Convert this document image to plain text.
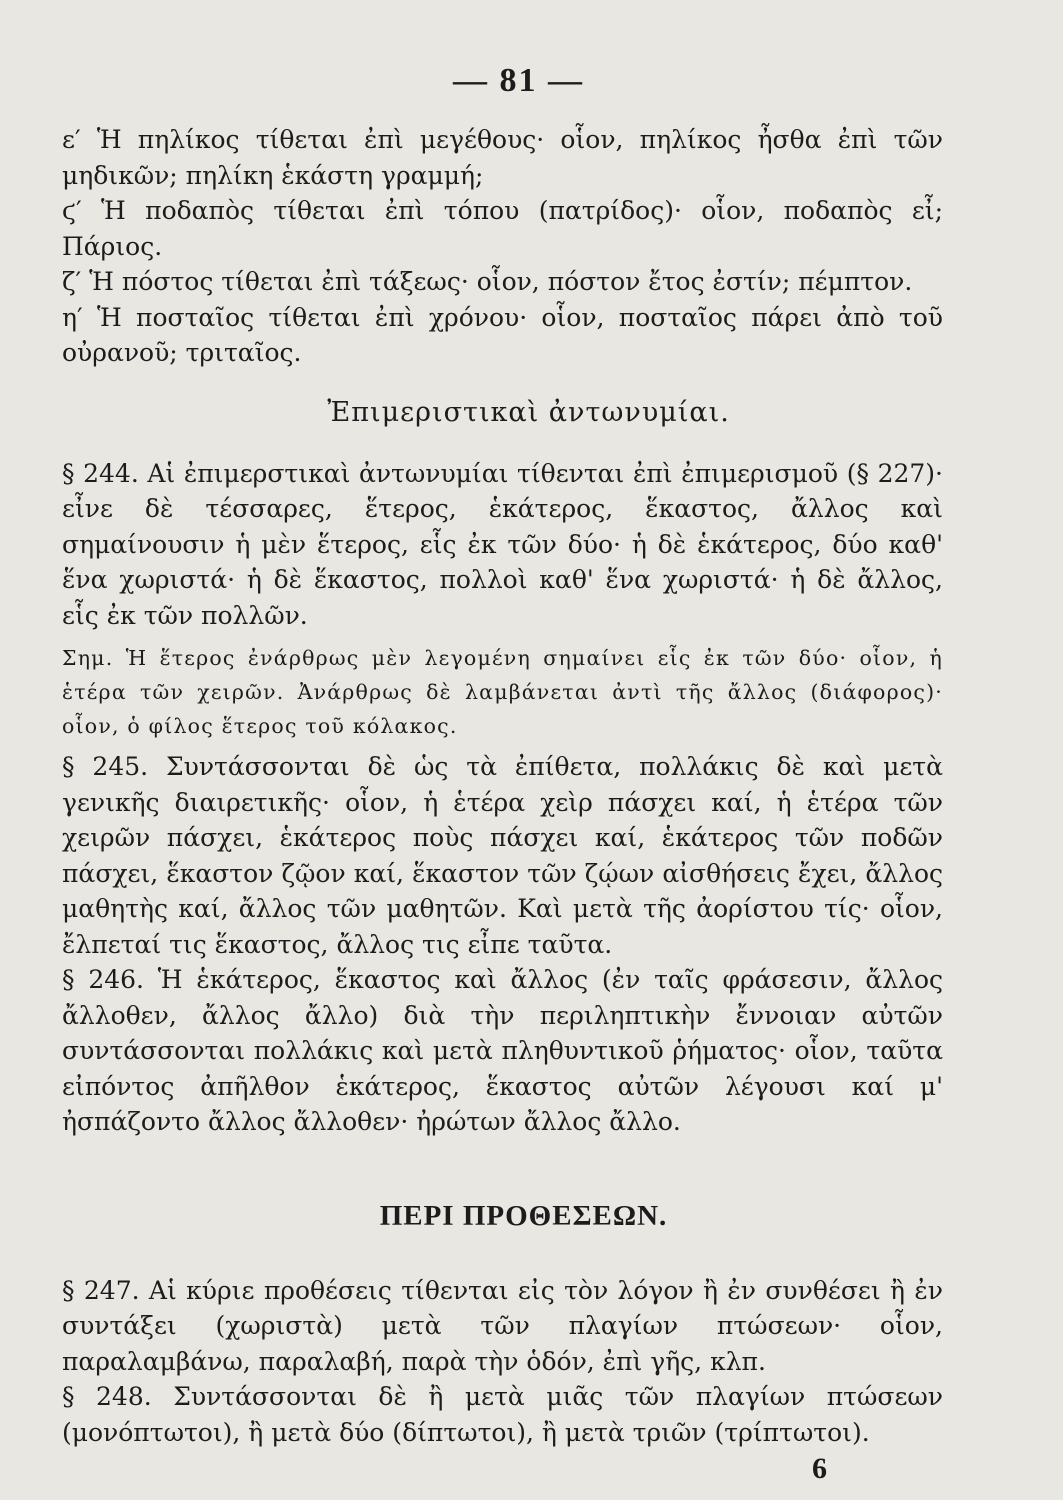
— 81 —

ε′ Ἡ πηλίκος τίθεται ἐπὶ μεγέθους· οἷον, πηλίκος ἦσθα ἐπὶ τῶν μηδικῶν; πηλίκη ἑκάστη γραμμή;

ϛ′ Ἡ ποδαπὸς τίθεται ἐπὶ τόπου (πατρίδος)· οἷον, ποδαπὸς εἶ; Πάριος.

ζ′ Ἡ πόστος τίθεται ἐπὶ τάξεως· οἷον, πόστον ἔτος ἐστίν; πέμπτον.

η′ Ἡ ποσταῖος τίθεται ἐπὶ χρόνου· οἷον, ποσταῖος πάρει ἀπὸ τοῦ οὐρανοῦ; τριταῖος.

Ἐπιμεριστικαὶ ἀντωνυμίαι.

§ 244. Αἱ ἐπιμερστικαὶ ἀντωνυμίαι τίθενται ἐπὶ ἐπιμερισμοῦ (§ 227)· εἶνε δὲ τέσσαρες, ἕτερος, ἑκάτερος, ἕκαστος, ἄλλος καὶ σημαίνουσιν ἡ μὲν ἕτερος, εἷς ἐκ τῶν δύο· ἡ δὲ ἑκάτερος, δύο καθ' ἕνα χωριστά· ἡ δὲ ἕκαστος, πολλοὶ καθ' ἕνα χωριστά· ἡ δὲ ἄλλος, εἷς ἐκ τῶν πολλῶν.

Σημ. Ἡ ἕτερος ἐνάρθρως μὲν λεγομένη σημαίνει εἷς ἐκ τῶν δύο· οἷον, ἡ ἑτέρα τῶν χειρῶν. Ἀνάρθρως δὲ λαμβάνεται ἀντὶ τῆς ἄλλος (διάφορος)· οἷον, ὁ φίλος ἕτερος τοῦ κόλακος.

§ 245. Συντάσσονται δὲ ὡς τὰ ἐπίθετα, πολλάκις δὲ καὶ μετὰ γενικῆς διαιρετικῆς· οἷον, ἡ ἑτέρα χεὶρ πάσχει καί, ἡ ἑτέρα τῶν χειρῶν πάσχει, ἑκάτερος ποὺς πάσχει καί, ἑκάτερος τῶν ποδῶν πάσχει, ἕκαστον ζῷον καί, ἕκαστον τῶν ζῴων αἰσθήσεις ἔχει, ἄλλος μαθητὴς καί, ἄλλος τῶν μαθητῶν. Καὶ μετὰ τῆς ἀορίστου τίς· οἷον, ἔλπεταί τις ἕκαστος, ἄλλος τις εἶπε ταῦτα.

§ 246. Ἡ ἑκάτερος, ἕκαστος καὶ ἄλλος (ἐν ταῖς φράσεσιν, ἄλλος ἄλλοθεν, ἄλλος ἄλλο) διὰ τὴν περιληπτικὴν ἔννοιαν αὐτῶν συντάσσονται πολλάκις καὶ μετὰ πληθυντικοῦ ῥήματος· οἷον, ταῦτα εἰπόντος ἀπῆλθον ἑκάτερος, ἕκαστος αὐτῶν λέγουσι καί μ' ἠσπάζοντο ἄλλος ἄλλοθεν· ἠρώτων ἄλλος ἄλλο.

ΠΕΡΙ ΠΡΟΘΕΣΕΩΝ.

§ 247. Αἱ κύριε προθέσεις τίθενται εἰς τὸν λόγον ἢ ἐν συνθέσει ἢ ἐν συντάξει (χωριστὰ) μετὰ τῶν πλαγίων πτώσεων· οἷον, παραλαμβάνω, παραλαβή, παρὰ τὴν ὁδόν, ἐπὶ γῆς, κλπ.

§ 248. Συντάσσονται δὲ ἢ μετὰ μιᾶς τῶν πλαγίων πτώσεων (μονόπτωτοι), ἢ μετὰ δύο (δίπτωτοι), ἢ μετὰ τριῶν (τρίπτωτοι).

6
